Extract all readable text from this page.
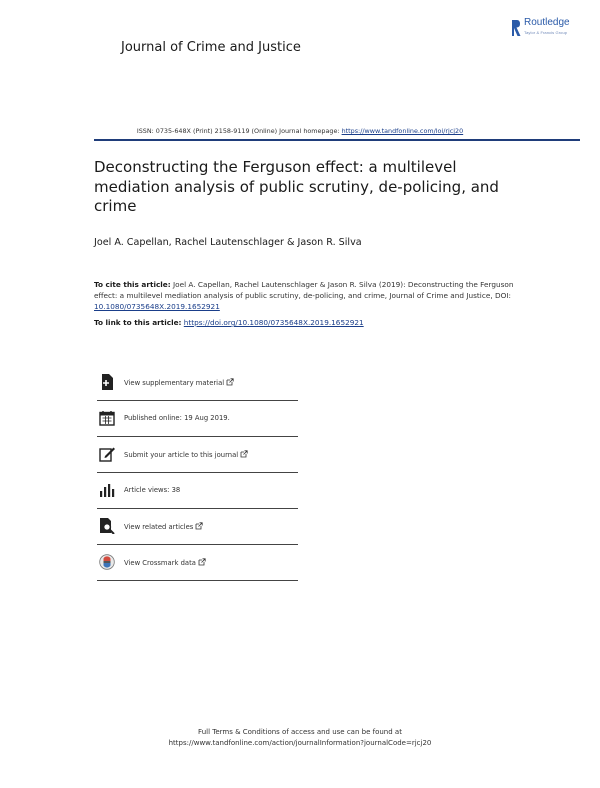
Journal of Crime and Justice
Routledge
Taylor & Francis Group
ISSN: 0735-648X (Print) 2158-9119 (Online) Journal homepage: https://www.tandfonline.com/loi/rjcj20
Deconstructing the Ferguson effect: a multilevel mediation analysis of public scrutiny, de-policing, and crime
Joel A. Capellan, Rachel Lautenschlager & Jason R. Silva
To cite this article: Joel A. Capellan, Rachel Lautenschlager & Jason R. Silva (2019): Deconstructing the Ferguson effect: a multilevel mediation analysis of public scrutiny, de-policing, and crime, Journal of Crime and Justice, DOI: 10.1080/0735648X.2019.1652921
To link to this article: https://doi.org/10.1080/0735648X.2019.1652921
View supplementary material
Published online: 19 Aug 2019.
Submit your article to this journal
Article views: 38
View related articles
View Crossmark data
Full Terms & Conditions of access and use can be found at
https://www.tandfonline.com/action/journalInformation?journalCode=rjcj20
